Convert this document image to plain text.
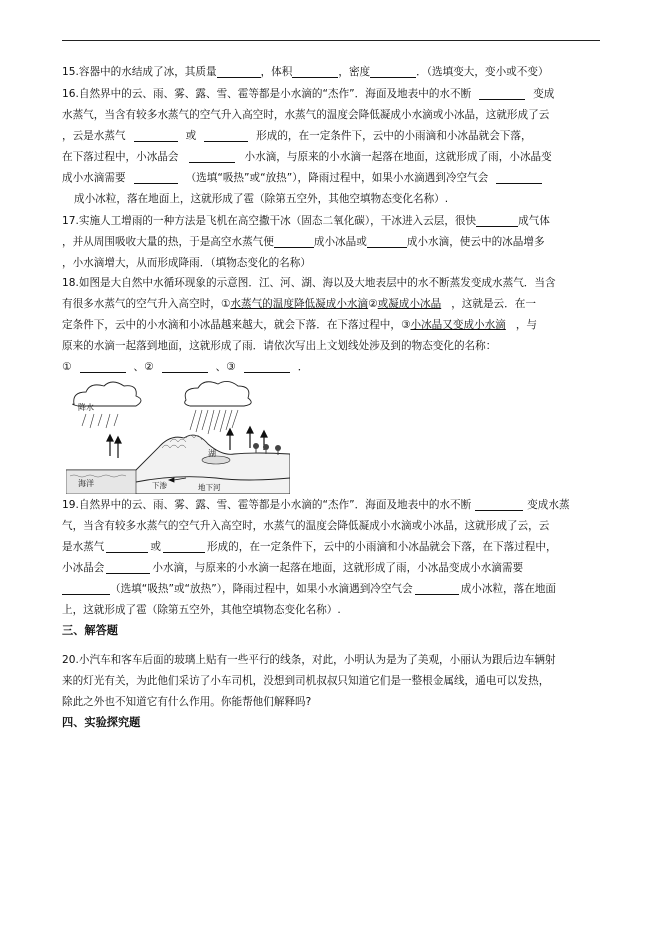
15.容器中的水结成了冰，其质量	，体积	，密度	．（选填变大，变小或不变）
16.自然界中的云、雨、雾、露、雪、雹等都是小水滴的“杰作”．海面及地表中的水不断	变成
水蒸气，当含有较多水蒸气的空气升入高空时，水蒸气的温度会降低凝成小水滴或小冰晶，这就形成了云
，云是水蒸气	或	形成的，在一定条件下，云中的小雨滴和小冰晶就会下落，
在下落过程中，小冰晶会	小水滴，与原来的小水滴一起落在地面，这就形成了雨，小冰晶变
成小水滴需要	（选填“吸热”或“放热”），降雨过程中，如果小水滴遇到冷空气会
成小冰粒，落在地面上，这就形成了雹（除第五空外，其他空填物态变化名称）.
17.实施人工增雨的一种方法是飞机在高空撒干冰（固态二氧化碳），干冰进入云层，很快	成气体
，并从周围吸收大量的热，于是高空水蒸气便	成小冰晶或	成小水滴，使云中的冰晶增多
，小水滴增大，从而形成降雨．（填物态变化的名称）
18.如图是大自然中水循环现象的示意图．江、河、湖、海以及大地表层中的水不断蒸发变成水蒸气．当含
有很多水蒸气的空气升入高空时，①水蒸气的温度降低凝成小水滴②或凝成小冰晶 ，这就是云．在一
定条件下，云中的小水滴和小冰晶越来越大，就会下落．在下落过程中，③小冰晶又变成小水滴 ，与
原来的水滴一起落到地面，这就形成了雨．请依次写出上文划线处涉及到的物态变化的名称：
①	、②	、③	．
降水
海洋
湖
下渗	地下河
19.自然界中的云、雨、雾、露、雪、雹等都是小水滴的“杰作”．海面及地表中的水不断	变成水蒸
气，当含有较多水蒸气的空气升入高空时，水蒸气的温度会降低凝成小水滴或小冰晶，这就形成了云，云
是水蒸气	或	形成的，在一定条件下，云中的小雨滴和小冰晶就会下落，在下落过程中，
小冰晶会	小水滴，与原来的小水滴一起落在地面，这就形成了雨，小冰晶变成小水滴需要
（选填“吸热”或“放热”），降雨过程中，如果小水滴遇到冷空气会	成小冰粒，落在地面
上，这就形成了雹（除第五空外，其他空填物态变化名称）.
三、解答题
20.小汽车和客车后面的玻璃上贴有一些平行的线条，对此，小明认为是为了美观，小丽认为跟后边车辆射
来的灯光有关，为此他们采访了小车司机，没想到司机叔叔只知道它们是一整根金属线，通电可以发热，
除此之外也不知道它有什么作用。你能帮他们解释吗?
四、实验探究题
